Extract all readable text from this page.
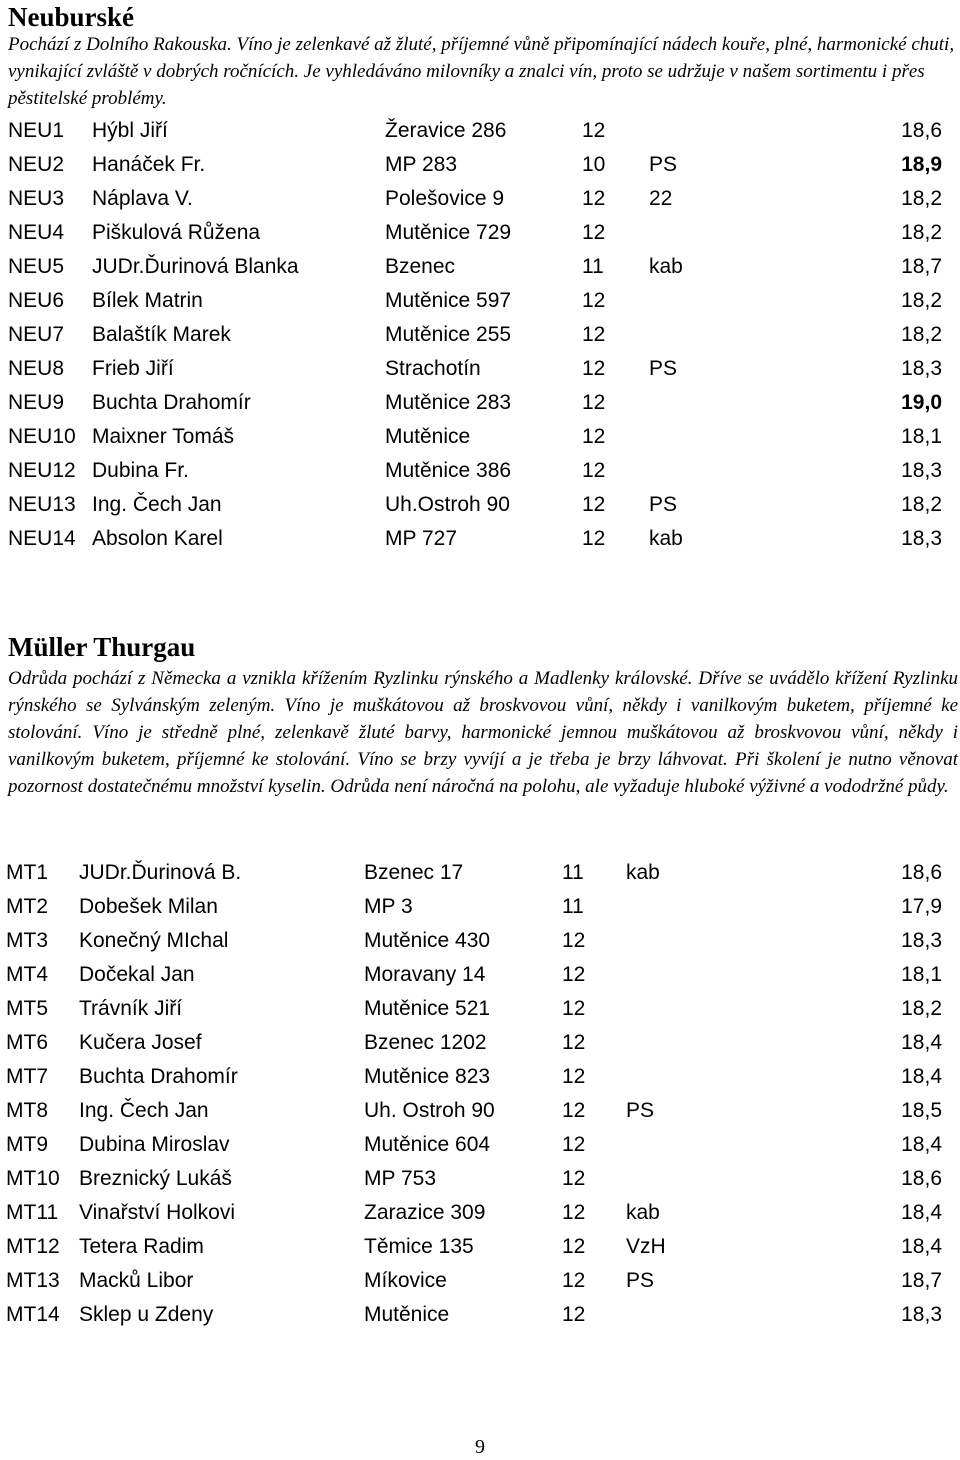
Neuburské

Pochází z Dolního Rakouska. Víno je zelenkavé až žluté, příjemné vůně připomínající nádech kouře, plné, harmonické chuti, vynikající zvláště v dobrých ročnících. Je vyhledáváno milovníky a znalci vín, proto se udržuje v našem sortimentu i přes pěstitelské problémy.

NEU1 Hýbl Jiří	Žeravice 286	12	18,6
NEU2 Hanáček Fr.	MP 283	10 PS	18,9
NEU3 Náplava V.	Polešovice 9	12 22	18,2
NEU4 Piškulová Růžena	Mutěnice 729	12	18,2
NEU5 JUDr.Ďurinová Blanka	Bzenec	11 kab	18,7
NEU6 Bílek Matrin	Mutěnice 597	12	18,2
NEU7 Balaštík Marek	Mutěnice 255	12	18,2
NEU8 Frieb Jiří	Strachotín	12 PS	18,3
NEU9 Buchta Drahomír	Mutěnice 283	12	19,0
NEU10 Maixner Tomáš	Mutěnice	12	18,1
NEU12 Dubina Fr.	Mutěnice 386	12	18,3
NEU13 Ing. Čech Jan	Uh.Ostroh 90	12 PS	18,2
NEU14 Absolon Karel	MP 727	12 kab	18,3
Müller Thurgau

Odrůda pochází z Německa a vznikla křížením Ryzlinku rýnského a Madlenky královské. Dříve se uvádělo křížení Ryzlinku rýnského se Sylvánským zeleným. Víno je muškátovou až broskvovou vůní, někdy i vanilkovým buketem, příjemné ke stolování. Víno je středně plné, zelenkavě žluté barvy, harmonické jemnou muškátovou až broskvovou vůní, někdy i vanilkovým buketem, příjemné ke stolování. Víno se brzy vyvíjí a je třeba je brzy láhvovat. Při školení je nutno věnovat pozornost dostatečnému množství kyselin. Odrůda není náročná na polohu, ale vyžaduje hluboké výživné a vododržné půdy.

MT1 JUDr.Ďurinová B.	Bzenec 17	11 kab	18,6
MT2 Dobešek Milan	MP 3	11	17,9
MT3 Konečný MIchal	Mutěnice 430	12	18,3
MT4 Dočekal Jan	Moravany 14	12	18,1
MT5 Trávník Jiří	Mutěnice 521	12	18,2
MT6 Kučera Josef	Bzenec 1202	12	18,4
MT7 Buchta Drahomír	Mutěnice 823	12	18,4
MT8 Ing. Čech Jan	Uh. Ostroh 90	12 PS	18,5
MT9 Dubina Miroslav	Mutěnice 604	12	18,4
MT10 Breznický Lukáš	MP 753	12	18,6
MT11 Vinařství Holkovi	Zarazice 309	12 kab	18,4
MT12 Tetera Radim	Těmice 135	12 VzH	18,4
MT13 Macků Libor	Míkovice	12 PS	18,7
MT14 Sklep u Zdeny	Mutěnice	12	18,3
9
